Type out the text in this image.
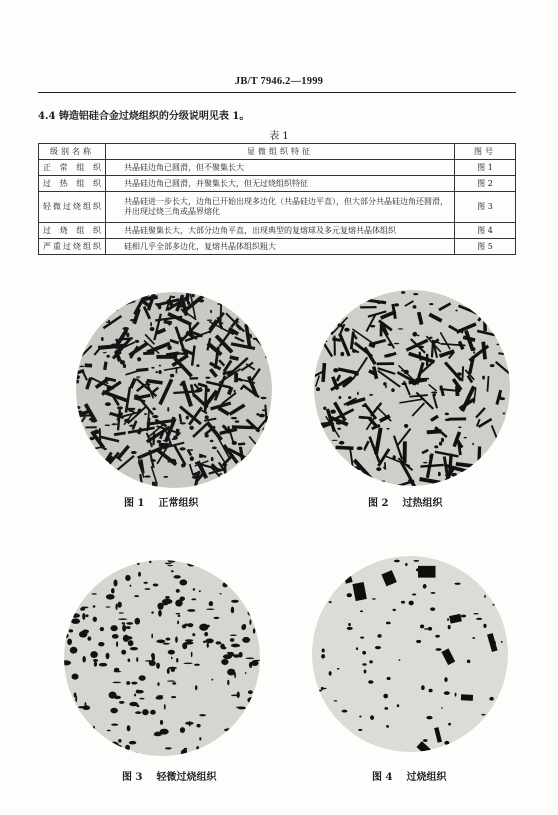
JB/T 7946.2—1999
4.4 铸造铝硅合金过烧组织的分级说明见表 1。
表 1
级别名称	显微组织特征	图号
正常组织	共晶硅边角已圆滑，但不聚集长大	图 1
过热组织	共晶硅边角已圆滑，并聚集长大，但无过烧组织特征	图 2
轻微过烧组织	共晶硅进一步长大，边角已开始出现多边化（共晶硅边平直），但大部分共晶硅边角还圆滑，并出现过烧三角或晶界熔化	图 3
过烧组织	共晶硅聚集长大，大部分边角平直，出现典型的复熔球及多元复熔共晶体组织	图 4
严重过烧组织	硅相几乎全部多边化，复熔共晶体组织粗大	图 5
图 1 正常组织	图 2 过热组织
图 3 轻微过烧组织	图 4 过烧组织
